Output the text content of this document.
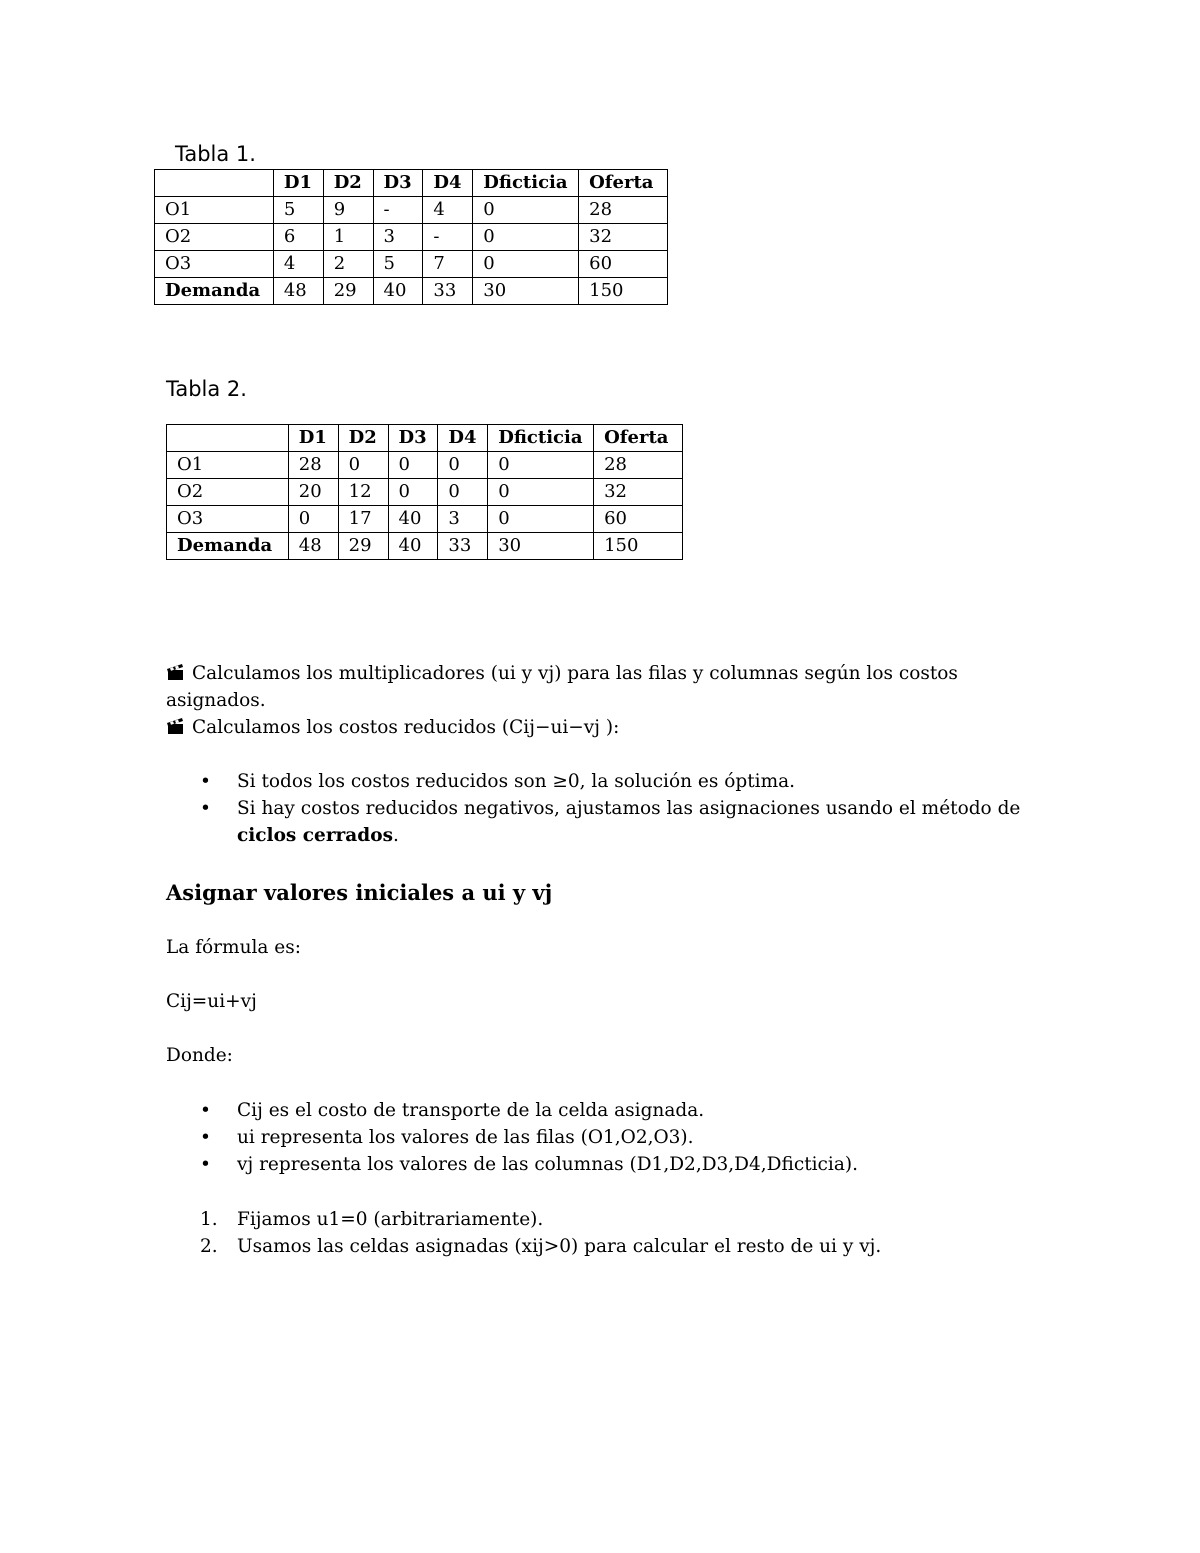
Tabla 1.

	D1	D2	D3	D4	Dficticia	Oferta
O1	5	9	-	4	0	28
O2	6	1	3	-	0	32
O3	4	2	5	7	0	60
Demanda	48	29	40	33	30	150

Tabla 2.

	D1	D2	D3	D4	Dficticia	Oferta
O1	28	0	0	0	0	28
O2	20	12	0	0	0	32
O3	0	17	40	3	0	60
Demanda	48	29	40	33	30	150

Calculamos los multiplicadores (ui y vj) para las filas y columnas según los costos asignados.

Calculamos los costos reducidos (Cij−ui−vj ):

• Si todos los costos reducidos son ≥0, la solución es óptima.
• Si hay costos reducidos negativos, ajustamos las asignaciones usando el método de ciclos cerrados.
Asignar valores iniciales a ui y vj

La fórmula es:

Cij=ui+vj

Donde:

• Cij es el costo de transporte de la celda asignada.
• ui representa los valores de las filas (O1,O2,O3).
• vj representa los valores de las columnas (D1,D2,D3,D4,Dficticia).
1. Fijamos u1=0 (arbitrariamente).
2. Usamos las celdas asignadas (xij>0) para calcular el resto de ui y vj.
